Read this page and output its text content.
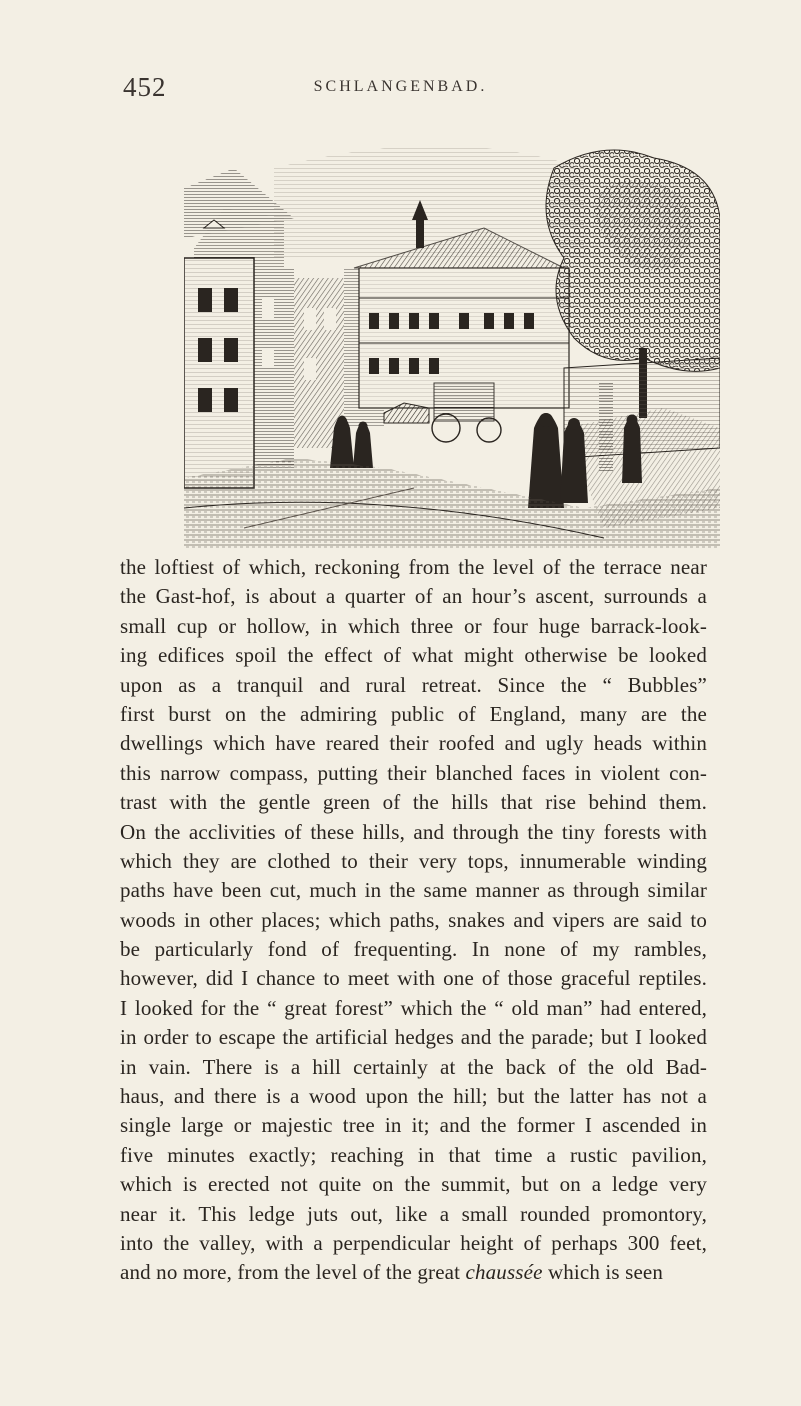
452	SCHLANGENBAD.
the loftiest of which, reckoning from the level of the terrace near
the Gast-hof, is about a quarter of an hour’s ascent, surrounds a
small cup or hollow, in which three or four huge barrack-look-
ing edifices spoil the effect of what might otherwise be looked
upon as a tranquil and rural retreat. Since the “ Bubbles”
first burst on the admiring public of England, many are the
dwellings which have reared their roofed and ugly heads within
this narrow compass, putting their blanched faces in violent con-
trast with the gentle green of the hills that rise behind them.
On the acclivities of these hills, and through the tiny forests with
which they are clothed to their very tops, innumerable winding
paths have been cut, much in the same manner as through similar
woods in other places; which paths, snakes and vipers are said to
be particularly fond of frequenting. In none of my rambles,
however, did I chance to meet with one of those graceful reptiles.
I looked for the “ great forest” which the “ old man” had entered,
in order to escape the artificial hedges and the parade; but I looked
in vain. There is a hill certainly at the back of the old Bad-
haus, and there is a wood upon the hill; but the latter has not a
single large or majestic tree in it; and the former I ascended in
five minutes exactly; reaching in that time a rustic pavilion,
which is erected not quite on the summit, but on a ledge very
near it. This ledge juts out, like a small rounded promontory,
into the valley, with a perpendicular height of perhaps 300 feet,
and no more, from the level of the great chaussée which is seen
